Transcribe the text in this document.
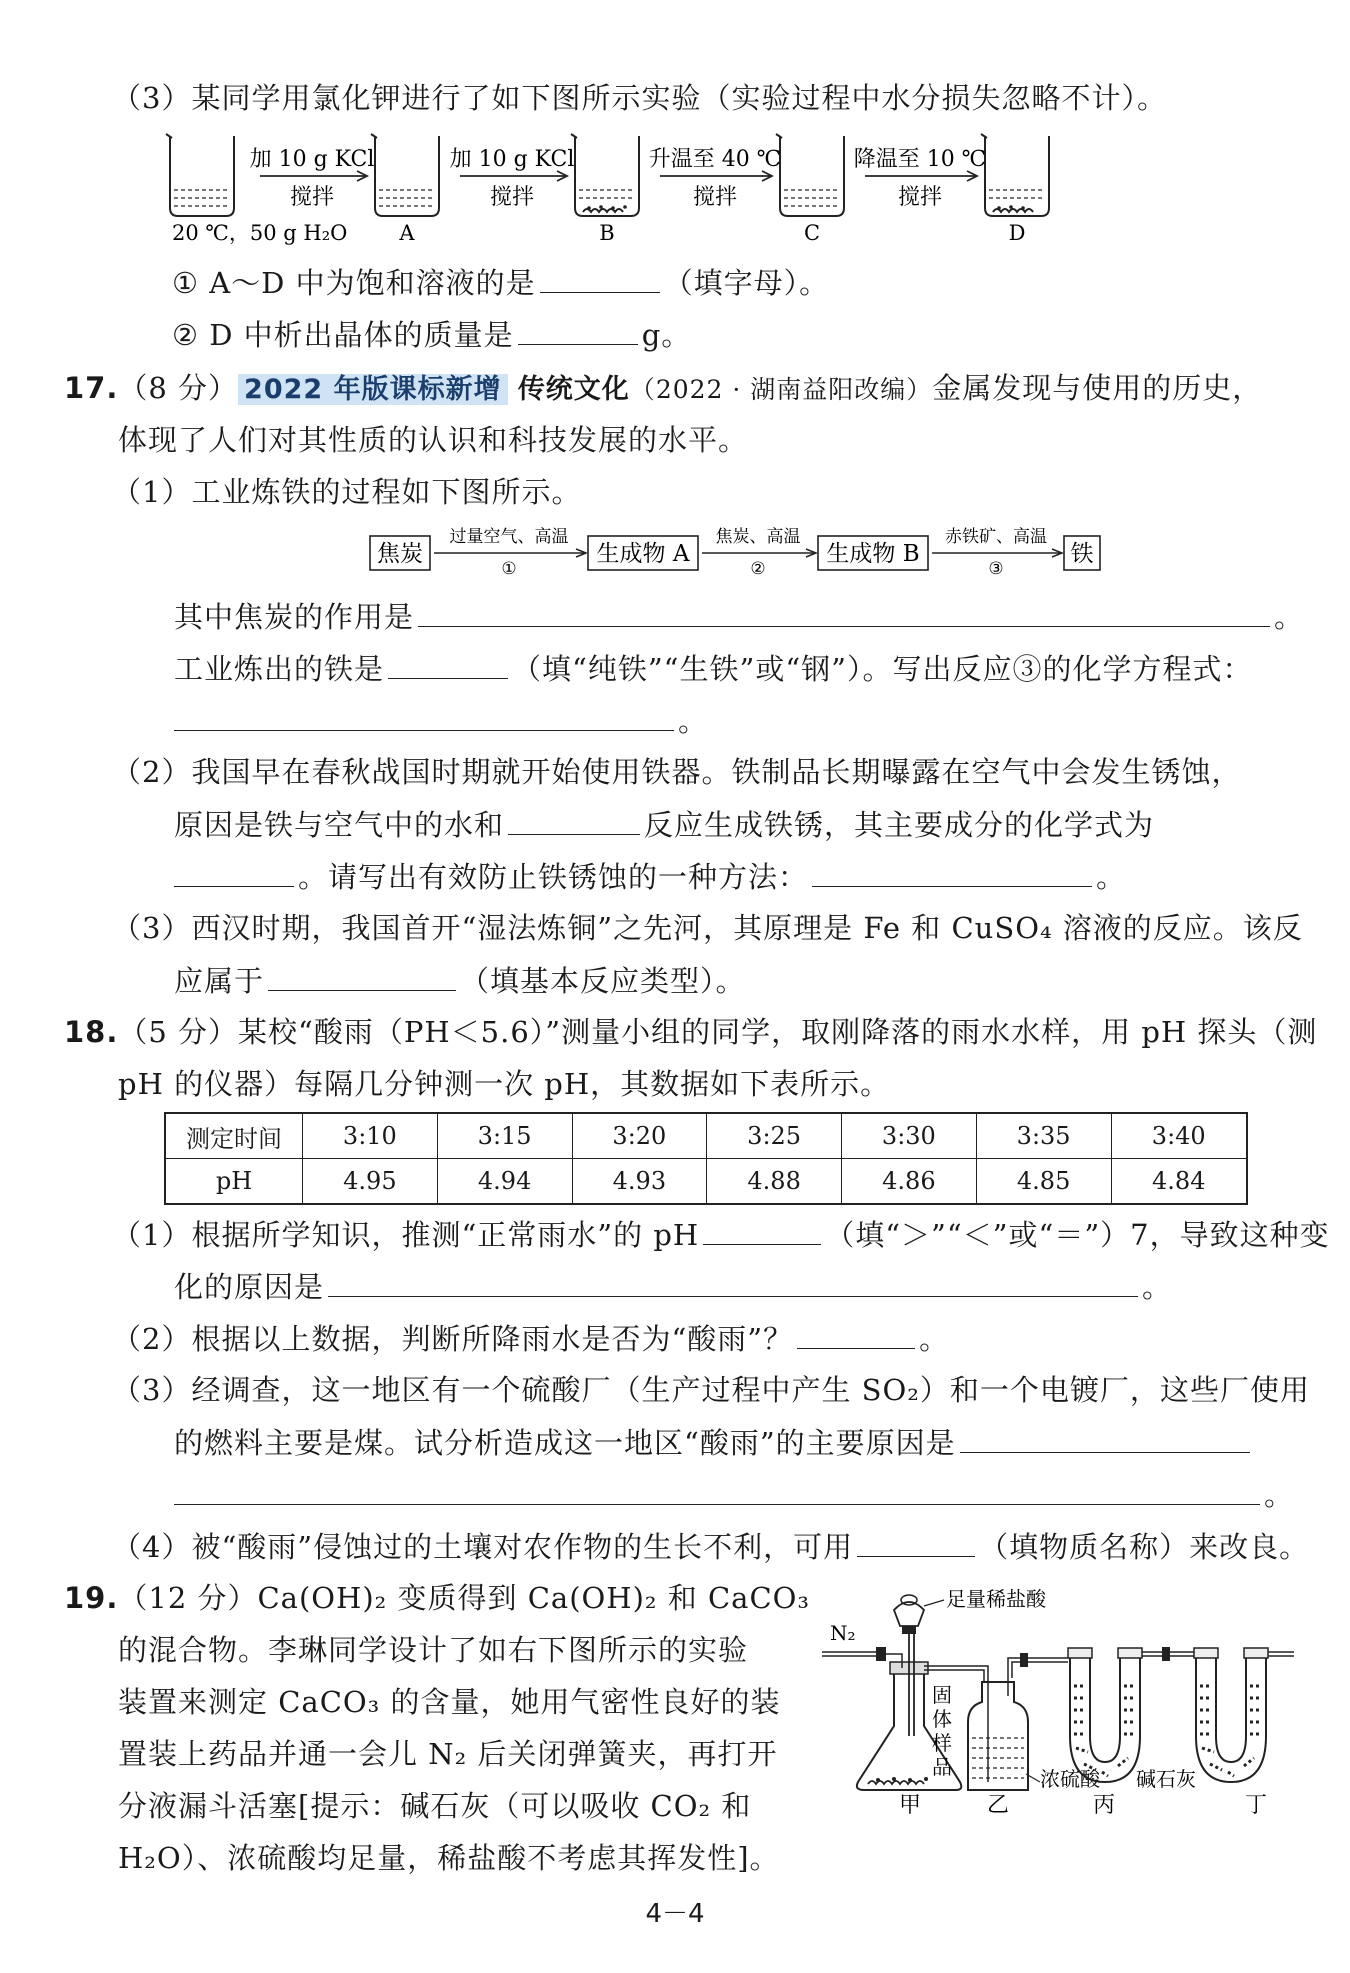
（3）某同学用氯化钾进行了如下图所示实验（实验过程中水分损失忽略不计）。
加 10 g KCl
搅拌
加 10 g KCl
搅拌
升温至 40 ℃
搅拌
降温至 10 ℃
搅拌
20 ℃，50 g H₂O A	B	C	D
① A～D 中为饱和溶液的是	（填字母）。
② D 中析出晶体的质量是	g。
17.（8 分） 2022 年版课标新增 传统文化（2022 · 湖南益阳改编）金属发现与使用的历史，
体现了人们对其性质的认识和科技发展的水平。
（1）工业炼铁的过程如下图所示。
焦炭
过量空气、高温
①
生成物 A
焦炭、高温
②
生成物 B
赤铁矿、高温
③
铁
其中焦炭的作用是	。
工业炼出的铁是	（填“纯铁”“生铁”或“钢”）。写出反应③的化学方程式：
。
（2）我国早在春秋战国时期就开始使用铁器。铁制品长期曝露在空气中会发生锈蚀，
原因是铁与空气中的水和	反应生成铁锈，其主要成分的化学式为
。请写出有效防止铁锈蚀的一种方法：	。
（3）西汉时期，我国首开“湿法炼铜”之先河，其原理是 Fe 和 CuSO₄ 溶液的反应。该反
应属于	（填基本反应类型）。
18.（5 分）某校“酸雨（PH＜5.6）”测量小组的同学，取刚降落的雨水水样，用 pH 探头（测
pH 的仪器）每隔几分钟测一次 pH，其数据如下表所示。
测定时间	3:10	3:15	3:20	3:25	3:30	3:35	3:40
pH	4.95	4.94	4.93	4.88	4.86	4.85	4.84
（1）根据所学知识，推测“正常雨水”的 pH	（填“＞”“＜”或“＝”）7，导致这种变
化的原因是	。
（2）根据以上数据，判断所降雨水是否为“酸雨”？	。
（3）经调查，这一地区有一个硫酸厂（生产过程中产生 SO₂）和一个电镀厂，这些厂使用
的燃料主要是煤。试分析造成这一地区“酸雨”的主要原因是
。
（4）被“酸雨”侵蚀过的土壤对农作物的生长不利，可用	（填物质名称）来改良。
19.（12 分）Ca(OH)₂ 变质得到 Ca(OH)₂ 和 CaCO₃
的混合物。李琳同学设计了如右下图所示的实验
装置来测定 CaCO₃ 的含量，她用气密性良好的装
置装上药品并通一会儿 N₂ 后关闭弹簧夹，再打开
分液漏斗活塞[提示：碱石灰（可以吸收 CO₂ 和
H₂O）、浓硫酸均足量，稀盐酸不考虑其挥发性]。
N₂
足量稀盐酸
固
体
样
品	浓硫酸 碱石灰
甲	乙	丙	丁
4－4
